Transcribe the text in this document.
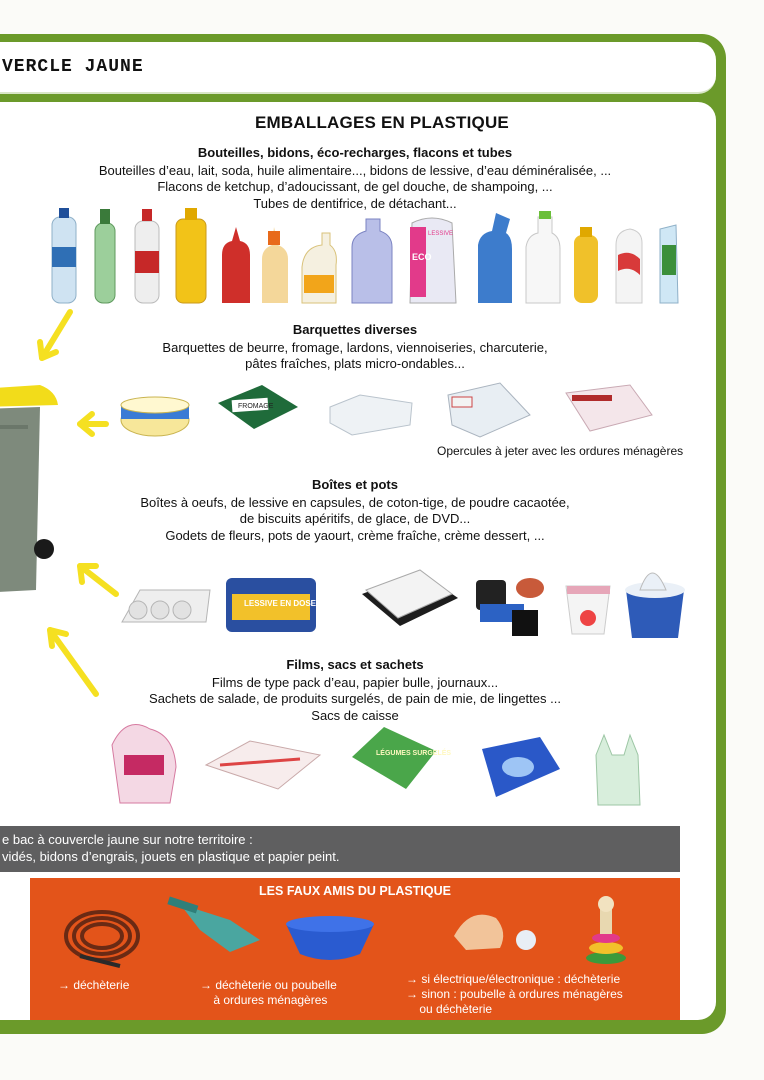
VERCLE JAUNE
EMBALLAGES EN PLASTIQUE
Bouteilles, bidons, éco-recharges, flacons et tubes
Bouteilles d’eau, lait, soda, huile alimentaire..., bidons de lessive, d’eau déminéralisée, ...
Flacons de ketchup, d’adoucissant, de gel douche, de shampoing, ...
Tubes de dentifrice, de détachant...
ECO
LESSIVE
Barquettes diverses
Barquettes de beurre, fromage, lardons, viennoiseries, charcuterie,
pâtes fraîches, plats micro-ondables...
FROMAGE
Opercules à jeter avec les ordures ménagères
Boîtes et pots
Boîtes à oeufs, de lessive en capsules, de coton-tige, de poudre cacaotée,
de biscuits apéritifs, de glace, de DVD...
Godets de fleurs, pots de yaourt, crème fraîche, crème dessert, ...
LESSIVE EN DOSES
Films, sacs et sachets
Films de type pack d’eau, papier bulle, journaux...
Sachets de salade, de produits surgelés, de pain de mie, de lingettes ...
Sacs de caisse
LÉGUMES SURGELÉS
e bac à couvercle jaune sur notre territoire :
vidés, bidons d’engrais, jouets en plastique et papier peint.
LES FAUX AMIS DU PLASTIQUE
→ déchèterie	→ déchèterie ou poubelle
à ordures ménagères
→ si électrique/électronique : déchèterie
→ sinon : poubelle à ordures ménagères
ou déchèterie
